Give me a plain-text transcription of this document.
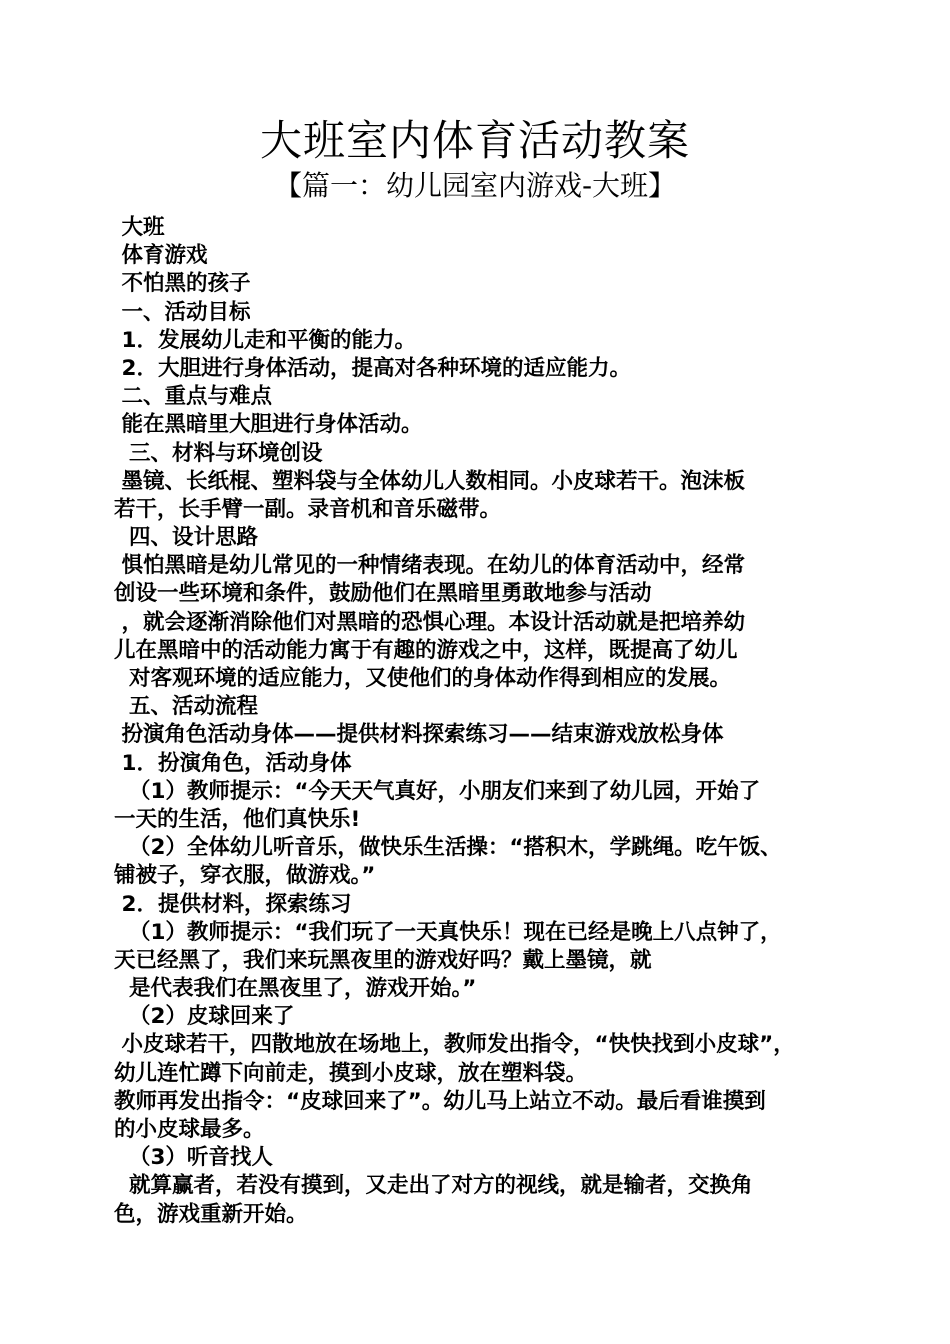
大班室内体育活动教案
【篇一：幼儿园室内游戏-大班】
大班
体育游戏
不怕黑的孩子
一、活动目标
1．发展幼儿走和平衡的能力。
2．大胆进行身体活动，提高对各种环境的适应能力。
二、重点与难点
能在黑暗里大胆进行身体活动。
三、材料与环境创设
墨镜、长纸棍、塑料袋与全体幼儿人数相同。小皮球若干。泡沫板
若干，长手臂一副。录音机和音乐磁带。
四、设计思路
惧怕黑暗是幼儿常见的一种情绪表现。在幼儿的体育活动中，经常
创设一些环境和条件，鼓励他们在黑暗里勇敢地参与活动
，就会逐渐消除他们对黑暗的恐惧心理。本设计活动就是把培养幼
儿在黑暗中的活动能力寓于有趣的游戏之中，这样，既提高了幼儿
对客观环境的适应能力，又使他们的身体动作得到相应的发展。
五、活动流程
扮演角色活动身体——提供材料探索练习——结束游戏放松身体
1．扮演角色，活动身体
（1）教师提示：“今天天气真好，小朋友们来到了幼儿园，开始了
一天的生活，他们真快乐!
（2）全体幼儿听音乐，做快乐生活操：“搭积木，学跳绳。吃午饭、
铺被子，穿衣服，做游戏。”
2．提供材料，探索练习
（1）教师提示：“我们玩了一天真快乐！现在已经是晚上八点钟了，
天已经黑了，我们来玩黑夜里的游戏好吗？戴上墨镜，就
是代表我们在黑夜里了，游戏开始。”
（2）皮球回来了
小皮球若干，四散地放在场地上，教师发出指令，“快快找到小皮球”，
幼儿连忙蹲下向前走，摸到小皮球，放在塑料袋。
教师再发出指令：“皮球回来了”。幼儿马上站立不动。最后看谁摸到
的小皮球最多。
（3）听音找人
就算赢者，若没有摸到，又走出了对方的视线，就是输者，交换角
色，游戏重新开始。
